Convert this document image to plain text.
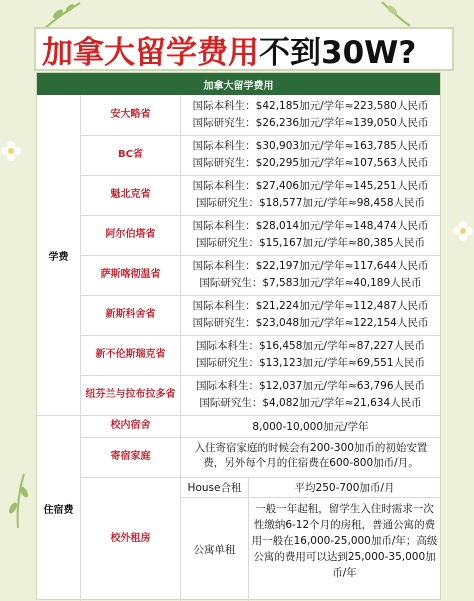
加拿大留学费用 不到30W?
加拿大留学费用
学费
住宿费
校内宿舍	8,000-10,000加元/学年
寄宿家庭
入住寄宿家庭的时候会有200-300加币的初始安置费，另外每个月的住宿费在600-800加币/月。
校外租房
House合租	平均250-700加币/月
公寓单租
一般一年起租，留学生入住时需求一次性缴纳6-12个月的房租，普通公寓的费用一般在16,000-25,000加币/年；高级公寓的费用可以达到25,000-35,000加币/年
安大略省
国际本科生：$42,185加元/学年≈223,580人民币
国际研究生：$26,236加元/学年≈139,050人民币
BC省
国际本科生：$30,903加元/学年≈163,785人民币
国际研究生：$20,295加元/学年≈107,563人民币
魁北克省
国际本科生：$27,406加元/学年≈145,251人民币
国际研究生：$18,577加元/学年≈98,458人民币
阿尔伯塔省
国际本科生：$28,014加元/学年≈148,474人民币
国际研究生：$15,167加元/学年≈80,385人民币
萨斯喀彻温省
国际本科生：$22,197加元/学年≈117,644人民币
国际研究生：$7,583加元/学年≈40,189人民币
新斯科舍省
国际本科生：$21,224加元/学年≈112,487人民币
国际研究生：$23,048加元/学年≈122,154人民币
新不伦斯瑞克省
国际本科生：$16,458加元/学年≈87,227人民币
国际研究生：$13,123加元/学年≈69,551人民币
纽芬兰与拉布拉多省
国际本科生：$12,037加元/学年≈63,796人民币
国际研究生：$4,082加元/学年≈21,634人民币
